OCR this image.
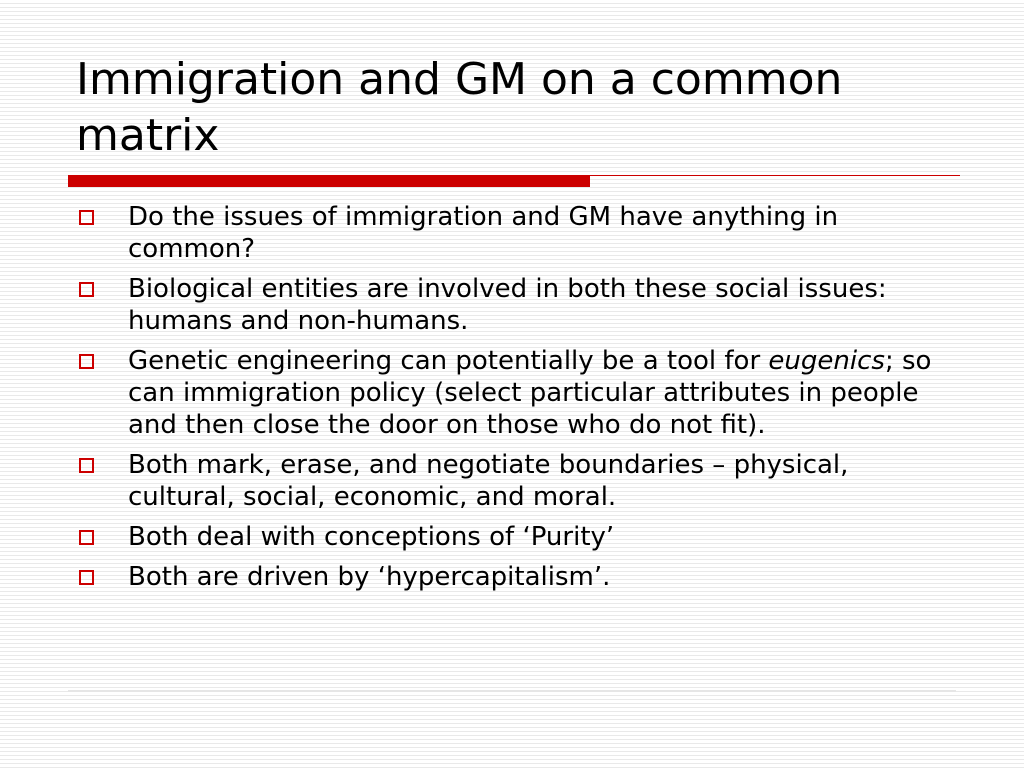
Immigration and GM on a common matrix
Do the issues of immigration and GM have anything in common?
Biological entities are involved in both these social issues: humans and non-humans.
Genetic engineering can potentially be a tool for eugenics; so can immigration policy (select particular attributes in people and then close the door on those who do not fit).
Both mark, erase, and negotiate boundaries – physical, cultural, social, economic, and moral.
Both deal with conceptions of ‘Purity’
Both are driven by ‘hypercapitalism’.
